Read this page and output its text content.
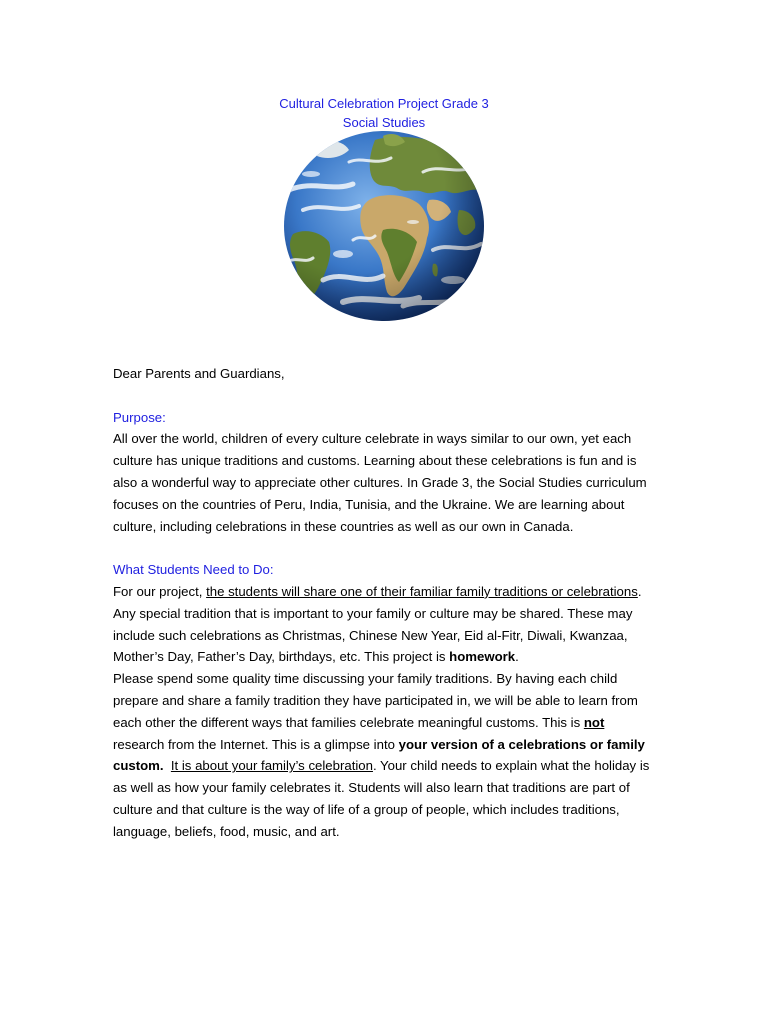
Cultural Celebration Project Grade 3
Social Studies

Dear Parents and Guardians,

Purpose:

All over the world, children of every culture celebrate in ways similar to our own, yet each culture has unique traditions and customs. Learning about these celebrations is fun and is also a wonderful way to appreciate other cultures. In Grade 3, the Social Studies curriculum focuses on the countries of Peru, India, Tunisia, and the Ukraine. We are learning about culture, including celebrations in these countries as well as our own in Canada.

What Students Need to Do:

For our project, the students will share one of their familiar family traditions or celebrations. Any special tradition that is important to your family or culture may be shared. These may include such celebrations as Christmas, Chinese New Year, Eid al-Fitr, Diwali, Kwanzaa, Mother’s Day, Father’s Day, birthdays, etc. This project is homework.

Please spend some quality time discussing your family traditions. By having each child prepare and share a family tradition they have participated in, we will be able to learn from each other the different ways that families celebrate meaningful customs. This is not research from the Internet. This is a glimpse into your version of a celebrations or family custom. It is about your family’s celebration. Your child needs to explain what the holiday is as well as how your family celebrates it. Students will also learn that traditions are part of culture and that culture is the way of life of a group of people, which includes traditions, language, beliefs, food, music, and art.
